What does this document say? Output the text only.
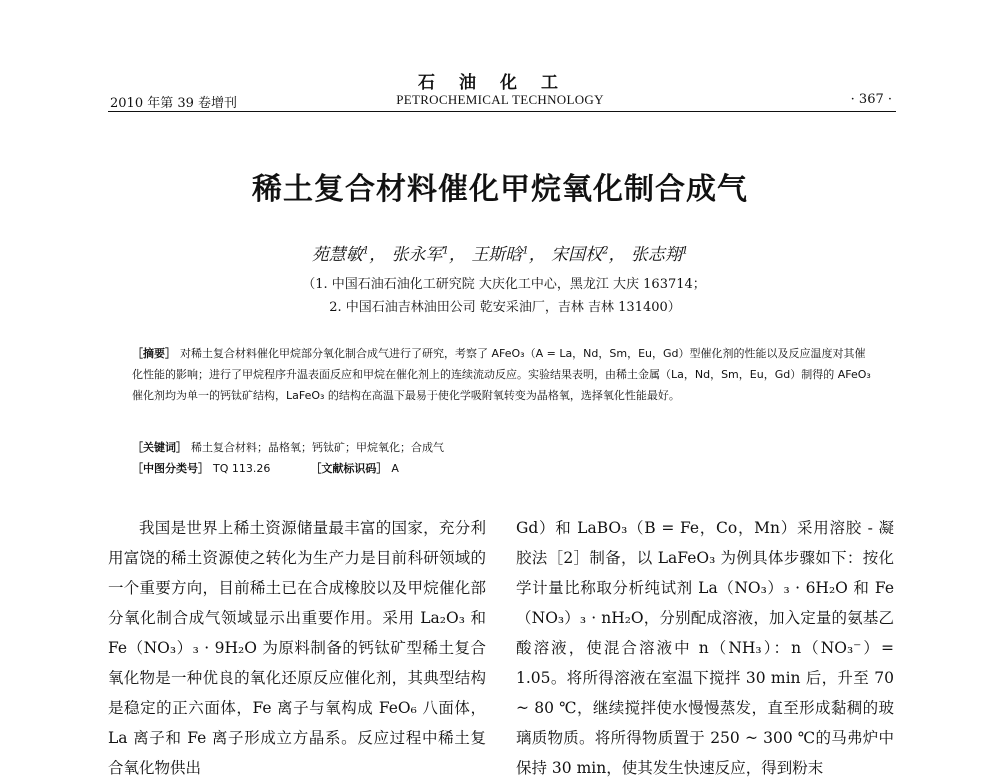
石油化工
2010 年第 39 卷增刊	PETROCHEMICAL TECHNOLOGY	· 367 ·
稀土复合材料催化甲烷氧化制合成气
苑慧敏$^1$， 张永军$^1$， 王斯晗$^1$， 宋国权$^2$， 张志翔$^1$
（1. 中国石油石油化工研究院 大庆化工中心，黑龙江 大庆 163714；
2. 中国石油吉林油田公司 乾安采油厂，吉林 吉林 131400）
［摘要］ 对稀土复合材料催化甲烷部分氧化制合成气进行了研究，考察了 AFeO₃（A = La，Nd，Sm，Eu，Gd）型催化剂的性能以及反应温度对其催化性能的影响；进行了甲烷程序升温表面反应和甲烷在催化剂上的连续流动反应。实验结果表明，由稀土金属（La，Nd，Sm，Eu，Gd）制得的 AFeO₃ 催化剂均为单一的钙钛矿结构，LaFeO₃ 的结构在高温下最易于使化学吸附氧转变为晶格氧，选择氧化性能最好。
［关键词］ 稀土复合材料；晶格氧；钙钛矿；甲烷氧化；合成气
［中图分类号］ TQ 113.26	［文献标识码］ A

我国是世界上稀土资源储量最丰富的国家，充分利用富饶的稀土资源使之转化为生产力是目前科研领域的一个重要方向，目前稀土已在合成橡胶以及甲烷催化部分氧化制合成气领域显示出重要作用。采用 La₂O₃ 和 Fe（NO₃）₃ · 9H₂O 为原料制备的钙钛矿型稀土复合氧化物是一种优良的氧化还原反应催化剂，其典型结构是稳定的正六面体，Fe 离子与氧构成 FeO₆ 八面体，La 离子和 Fe 离子形成立方晶系。反应过程中稀土复合氧化物供出

Gd）和 LaBO₃（B = Fe，Co，Mn）采用溶胶 - 凝胶法［2］制备，以 LaFeO₃ 为例具体步骤如下：按化学计量比称取分析纯试剂 La（NO₃）₃ · 6H₂O 和 Fe（NO₃）₃ · nH₂O，分别配成溶液，加入定量的氨基乙酸溶液，使混合溶液中 n（NH₃）：n（NO₃⁻）= 1.05。将所得溶液在室温下搅拌 30 min 后，升至 70 ~ 80 ℃，继续搅拌使水慢慢蒸发，直至形成黏稠的玻璃质物质。将所得物质置于 250 ~ 300 ℃的马弗炉中保持 30 min，使其发生快速反应，得到粉末
